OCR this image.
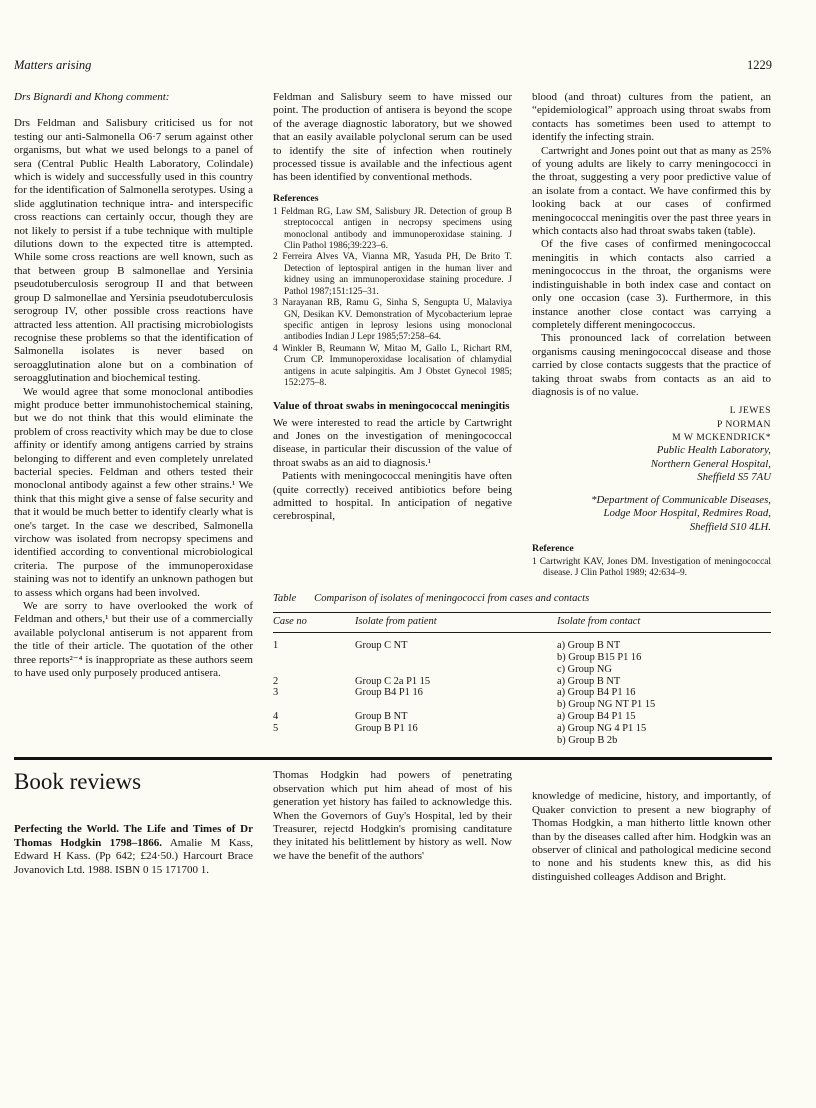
Matters arising	1229

Drs Bignardi and Khong comment:

Drs Feldman and Salisbury criticised us for not testing our anti-Salmonella O6·7 serum against other organisms, but what we used belongs to a panel of sera (Central Public Health Laboratory, Colindale) which is widely and successfully used in this country for the identification of Salmonella serotypes. Using a slide agglutination technique intra- and interspecific cross reactions can certainly occur, though they are not likely to persist if a tube technique with multiple dilutions down to the expected titre is attempted. While some cross reactions are well known, such as that between group B salmonellae and Yersinia pseudotuberculosis serogroup II and that between group D salmonellae and Yersinia pseudotuberculosis serogroup IV, other possible cross reactions have attracted less attention. All practising microbiologists recognise these problems so that the identification of Salmonella isolates is never based on seroagglutination alone but on a combination of seroagglutination and biochemical testing.

We would agree that some monoclonal antibodies might produce better immunohistochemical staining, but we do not think that this would eliminate the problem of cross reactivity which may be due to close affinity or identify among antigens carried by strains belonging to different and even completely unrelated bacterial species. Feldman and others tested their monoclonal antibody against a few other strains.¹ We think that this might give a sense of false security and that it would be much better to identify clearly what is one's target. In the case we described, Salmonella virchow was isolated from necropsy specimens and identified according to conventional microbiological criteria. The purpose of the immunoperoxidase staining was not to identify an unknown pathogen but to assess which organs had been involved.

We are sorry to have overlooked the work of Feldman and others,¹ but their use of a commercially available polyclonal antiserum is not apparent from the title of their article. The quotation of the other three reports²⁻⁴ is inappropriate as these authors seem to have used only purposely produced antisera.

Feldman and Salisbury seem to have missed our point. The production of antisera is beyond the scope of the average diagnostic laboratory, but we showed that an easily available polyclonal serum can be used to identify the site of infection when routinely processed tissue is available and the infectious agent has been identified by conventional methods.

References
1 Feldman RG, Law SM, Salisbury JR. Detection of group B streptococcal antigen in necropsy specimens using monoclonal antibody and immunoperoxidase staining. J Clin Pathol 1986;39:223–6.
2 Ferreira Alves VA, Vianna MR, Yasuda PH, De Brito T. Detection of leptospiral antigen in the human liver and kidney using an immunoperoxidase staining procedure. J Pathol 1987;151:125–31.
3 Narayanan RB, Ramu G, Sinha S, Sengupta U, Malaviya GN, Desikan KV. Demonstration of Mycobacterium leprae specific antigen in leprosy lesions using monoclonal antibodies Indian J Lepr 1985;57:258–64.
4 Winkler B, Reumann W, Mitao M, Gallo L, Richart RM, Crum CP. Immunoperoxidase localisation of chlamydial antigens in acute salpingitis. Am J Obstet Gynecol 1985; 152:275–8.
Value of throat swabs in meningococcal meningitis

We were interested to read the article by Cartwright and Jones on the investigation of meningococcal disease, in particular their discussion of the value of throat swabs as an aid to diagnosis.¹

Patients with meningococcal meningitis have often (quite correctly) received antibiotics before being admitted to hospital. In anticipation of negative cerebrospinal,

blood (and throat) cultures from the patient, an “epidemiological” approach using throat swabs from contacts has sometimes been used to attempt to identify the infecting strain.

Cartwright and Jones point out that as many as 25% of young adults are likely to carry meningococci in the throat, suggesting a very poor predictive value of an isolate from a contact. We have confirmed this by looking back at our cases of confirmed meningococcal meningitis over the past three years in which contacts also had throat swabs taken (table).

Of the five cases of confirmed meningococcal meningitis in which contacts also carried a meningococcus in the throat, the organisms were indistinguishable in both index case and contact on only one occasion (case 3). Furthermore, in this instance another close contact was carrying a completely different meningococcus.

This pronounced lack of correlation between organisms causing meningococcal disease and those carried by close contacts suggests that the practice of taking throat swabs from contacts as an aid to diagnosis is of no value.

L JEWES
P NORMAN
M W MCKENDRICK*
Public Health Laboratory,
Northern General Hospital,
Sheffield S5 7AU
*Department of Communicable Diseases,
Lodge Moor Hospital, Redmires Road,
Sheffield S10 4LH.
Reference
1 Cartwright KAV, Jones DM. Investigation of meningococcal disease. J Clin Pathol 1989; 42:634–9.
Table Comparison of isolates of meningococci from cases and contacts
Case no	Isolate from patient	Isolate from contact
1	Group C NT	a) Group B NT
b) Group B15 P1 16
c) Group NG

2	Group C 2a P1 15	a) Group B NT

3	Group B4 P1 16	a) Group B4 P1 16
b) Group NG NT P1 15

4	Group B NT	a) Group B4 P1 15

5	Group B P1 16	a) Group NG 4 P1 15
b) Group B 2b
Book reviews

Perfecting the World. The Life and Times of Dr Thomas Hodgkin 1798–1866. Amalie M Kass, Edward H Kass. (Pp 642; £24·50.) Harcourt Brace Jovanovich Ltd. 1988. ISBN 0 15 171700 1.

Thomas Hodgkin had powers of penetrating observation which put him ahead of most of his generation yet history has failed to acknowledge this. When the Governors of Guy's Hospital, led by their Treasurer, rejectd Hodgkin's promising canditature they initated his belittlement by history as well. Now we have the benefit of the authors'

knowledge of medicine, history, and importantly, of Quaker conviction to present a new biography of Thomas Hodgkin, a man hitherto little known other than by the diseases called after him. Hodgkin was an observer of clinical and pathological medicine second to none and his students knew this, as did his distinguished colleages Addison and Bright.
